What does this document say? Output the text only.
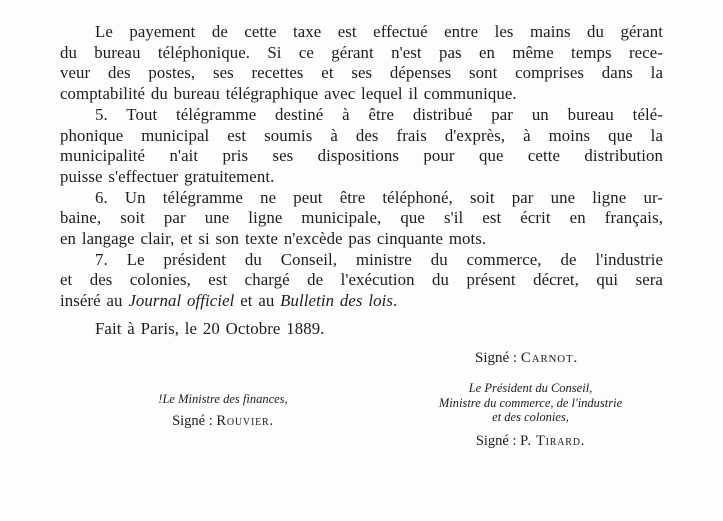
Le payement de cette taxe est effectué entre les mains du gérant
du bureau téléphonique. Si ce gérant n'est pas en même temps rece-
veur des postes, ses recettes et ses dépenses sont comprises dans la
comptabilité du bureau télégraphique avec lequel il communique.
5. Tout télégramme destiné à être distribué par un bureau télé-
phonique municipal est soumis à des frais d'exprès, à moins que la
municipalité n'ait pris ses dispositions pour que cette distribution
puisse s'effectuer gratuitement.
6. Un télégramme ne peut être téléphoné, soit par une ligne ur-
baine, soit par une ligne municipale, que s'il est écrit en français,
en langage clair, et si son texte n'excède pas cinquante mots.
7. Le président du Conseil, ministre du commerce, de l'industrie
et des colonies, est chargé de l'exécution du présent décret, qui sera
inséré au Journal officiel et au Bulletin des lois.
Fait à Paris, le 20 Octobre 1889.
Signé : Carnot.
!Le Ministre des finances,
Signé : Rouvier.
Le Président du Conseil,
Ministre du commerce, de l'industrie
et des colonies,
Signé : P. Tirard.
